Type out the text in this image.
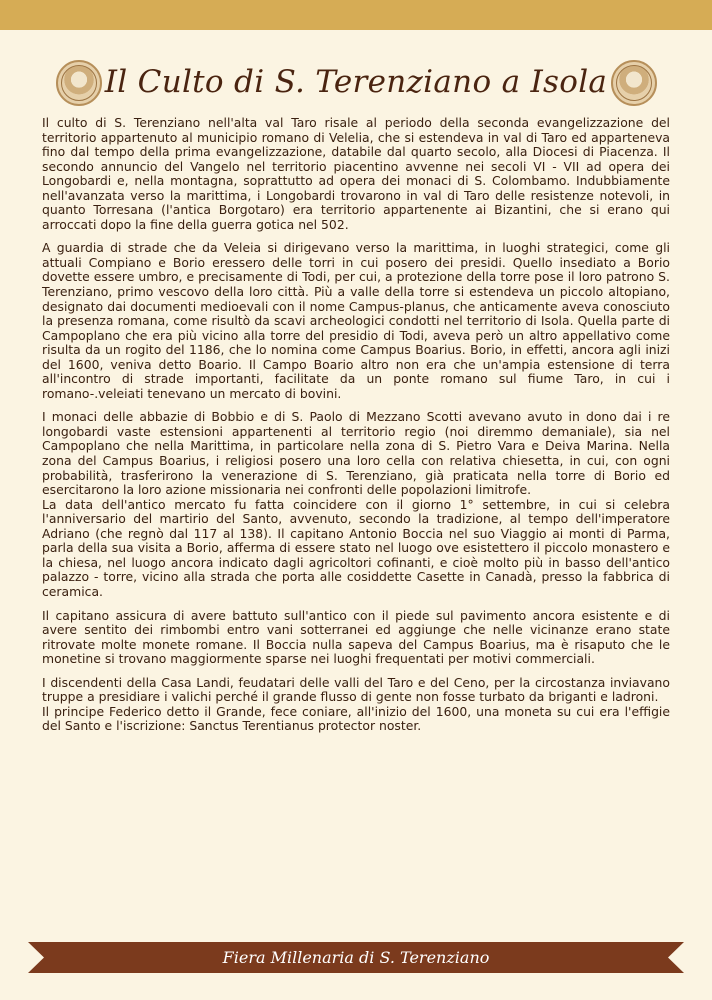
Il Culto di S. Terenziano a Isola

Il culto di S. Terenziano nell'alta val Taro risale al periodo della seconda evangelizzazione del territorio appartenuto al municipio romano di Velelia, che si estendeva in val di Taro ed apparteneva fino dal tempo della prima evangelizzazione, databile dal quarto secolo, alla Diocesi di Piacenza. Il secondo annuncio del Vangelo nel territorio piacentino avvenne nei secoli VI - VII ad opera dei Longobardi e, nella montagna, soprattutto ad opera dei monaci di S. Colombamo. Indubbiamente nell'avanzata verso la marittima, i Longobardi trovarono in val di Taro delle resistenze notevoli, in quanto Torresana (l'antica Borgotaro) era territorio appartenente ai Bizantini, che si erano qui arroccati dopo la fine della guerra gotica nel 502.

A guardia di strade che da Veleia si dirigevano verso la marittima, in luoghi strategici, come gli attuali Compiano e Borio eressero delle torri in cui posero dei presidi. Quello insediato a Borio dovette essere umbro, e precisamente di Todi, per cui, a protezione della torre pose il loro patrono S. Terenziano, primo vescovo della loro città. Più a valle della torre si estendeva un piccolo altopiano, designato dai documenti medioevali con il nome Campus-planus, che anticamente aveva conosciuto la presenza romana, come risultò da scavi archeologici condotti nel territorio di Isola. Quella parte di Campoplano che era più vicino alla torre del presidio di Todi, aveva però un altro appellativo come risulta da un rogito del 1186, che lo nomina come Campus Boarius. Borio, in effetti, ancora agli inizi del 1600, veniva detto Boario. Il Campo Boario altro non era che un'ampia estensione di terra all'incontro di strade importanti, facilitate da un ponte romano sul fiume Taro, in cui i romano-.veleiati tenevano un mercato di bovini.

I monaci delle abbazie di Bobbio e di S. Paolo di Mezzano Scotti avevano avuto in dono dai i re longobardi vaste estensioni appartenenti al territorio regio (noi diremmo demaniale), sia nel Campoplano che nella Marittima, in particolare nella zona di S. Pietro Vara e Deiva Marina. Nella zona del Campus Boarius, i religiosi posero una loro cella con relativa chiesetta, in cui, con ogni probabilità, trasferirono la venerazione di S. Terenziano, già praticata nella torre di Borio ed esercitarono la loro azione missionaria nei confronti delle popolazioni limitrofe.

La data dell'antico mercato fu fatta coincidere con il giorno 1° settembre, in cui si celebra l'anniversario del martirio del Santo, avvenuto, secondo la tradizione, al tempo dell'imperatore Adriano (che regnò dal 117 al 138). Il capitano Antonio Boccia nel suo Viaggio ai monti di Parma, parla della sua visita a Borio, afferma di essere stato nel luogo ove esistettero il piccolo monastero e la chiesa, nel luogo ancora indicato dagli agricoltori cofinanti, e cioè molto più in basso dell'antico palazzo - torre, vicino alla strada che porta alle cosiddette Casette in Canadà, presso la fabbrica di ceramica.

Il capitano assicura di avere battuto sull'antico con il piede sul pavimento ancora esistente e di avere sentito dei rimbombi entro vani sotterranei ed aggiunge che nelle vicinanze erano state ritrovate molte monete romane. Il Boccia nulla sapeva del Campus Boarius, ma è risaputo che le monetine si trovano maggiormente sparse nei luoghi frequentati per motivi commerciali.

I discendenti della Casa Landi, feudatari delle valli del Taro e del Ceno, per la circostanza inviavano truppe a presidiare i valichi perché il grande flusso di gente non fosse turbato da briganti e ladroni.

Il principe Federico detto il Grande, fece coniare, all'inizio del 1600, una moneta su cui era l'effigie del Santo e l'iscrizione: Sanctus Terentianus protector noster.

Fiera Millenaria di S. Terenziano
